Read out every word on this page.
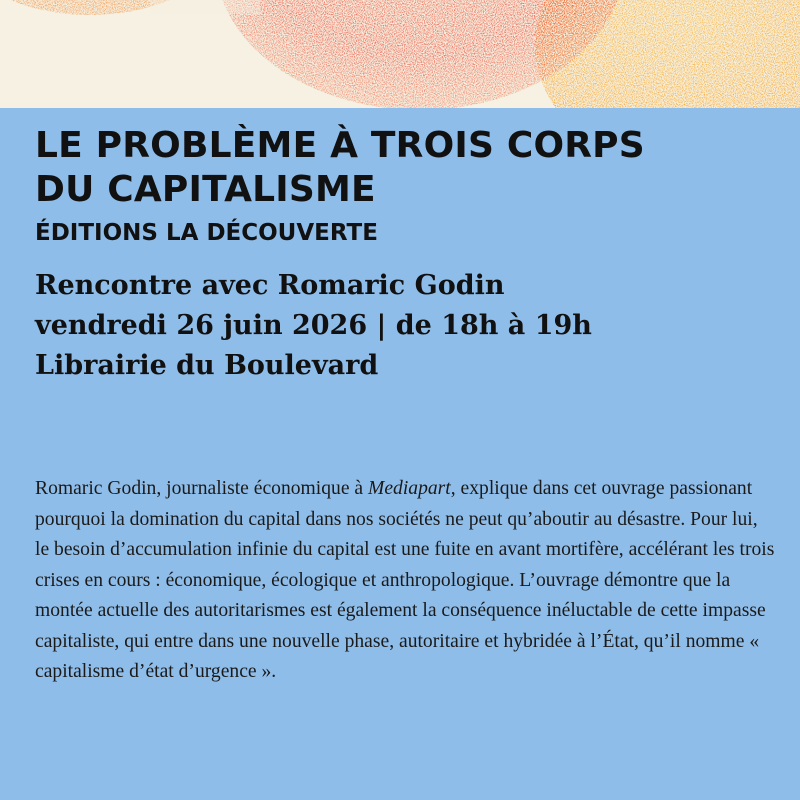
LE PROBLÈME À TROIS CORPS
DU CAPITALISME

ÉDITIONS LA DÉCOUVERTE

Rencontre avec Romaric Godin
vendredi 26 juin 2026 | de 18h à 19h
Librairie du Boulevard

Romaric Godin, journaliste économique à Mediapart, explique dans cet ouvrage passionant pourquoi la domination du capital dans nos sociétés ne peut qu’aboutir au désastre. Pour lui, le besoin d’accumulation infinie du capital est une fuite en avant mortifère, accélérant les trois crises en cours : économique, écologique et anthropologique. L’ouvrage démontre que la montée actuelle des autoritarismes est également la conséquence inéluctable de cette impasse capitaliste, qui entre dans une nouvelle phase, autoritaire et hybridée à l’État, qu’il nomme « capitalisme d’état d’urgence ».
